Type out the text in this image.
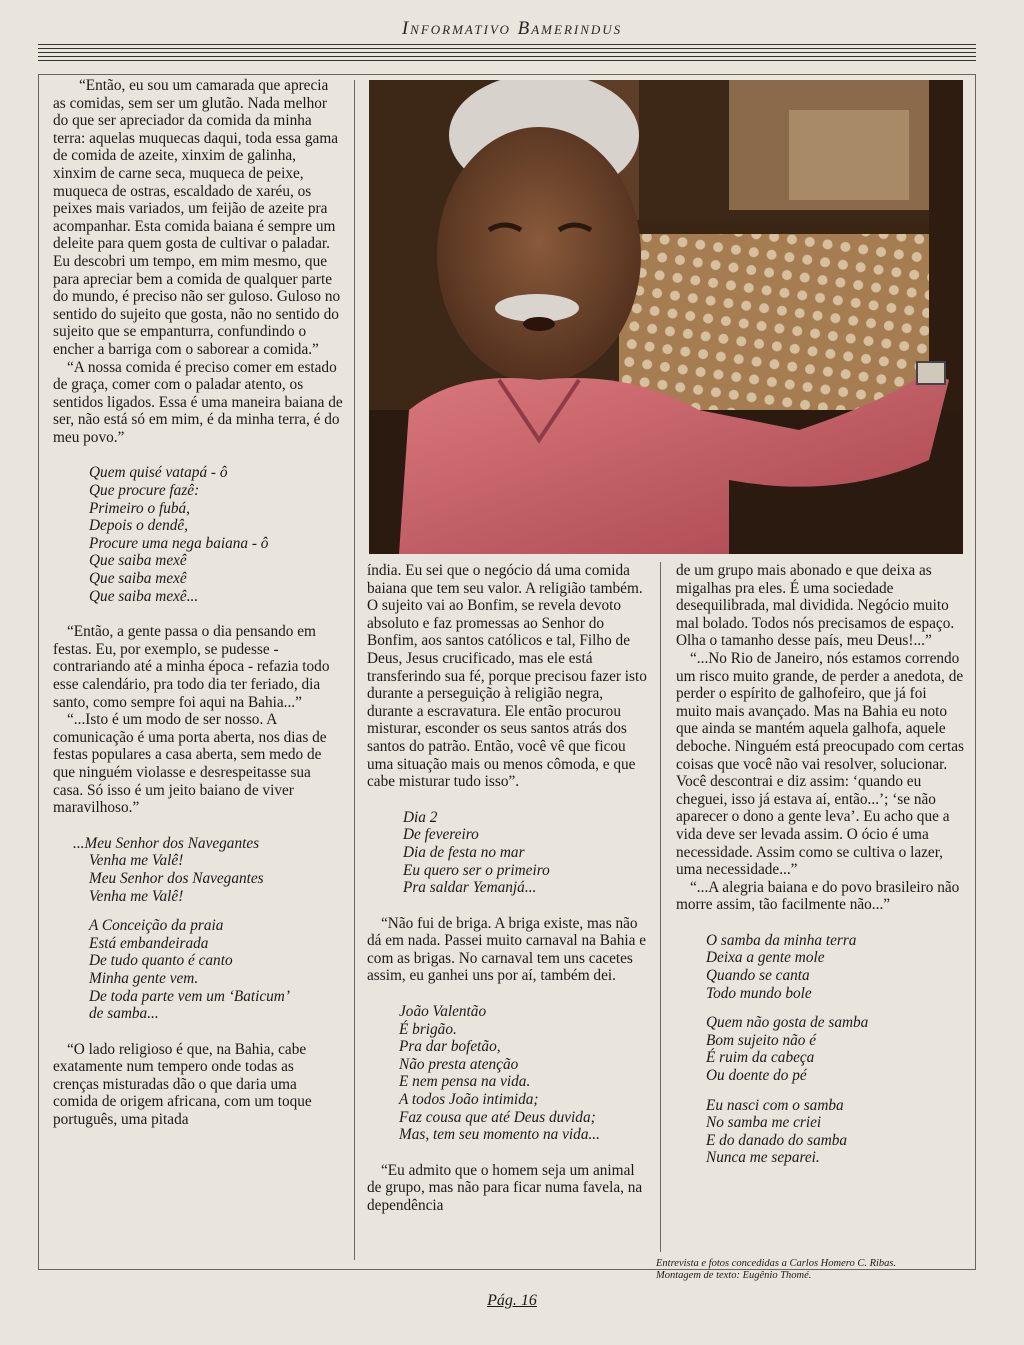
Informativo Bamerindus

“Então, eu sou um camarada que aprecia as comidas, sem ser um glutão. Nada melhor do que ser apreciador da comida da minha terra: aquelas muquecas daqui, toda essa gama de comida de azeite, xinxim de galinha, xinxim de carne seca, muqueca de peixe, muqueca de ostras, escaldado de xaréu, os peixes mais variados, um feijão de azeite pra acompanhar. Esta comida baiana é sempre um deleite para quem gosta de cultivar o paladar. Eu descobri um tempo, em mim mesmo, que para apreciar bem a comida de qualquer parte do mundo, é preciso não ser guloso. Guloso no sentido do sujeito que gosta, não no sentido do sujeito que se empanturra, confundindo o encher a barriga com o saborear a comida.”

“A nossa comida é preciso comer em estado de graça, comer com o paladar atento, os sentidos ligados. Essa é uma maneira baiana de ser, não está só em mim, é da minha terra, é do meu povo.”

Quem quisé vatapá - ô
Que procure fazê:
Primeiro o fubá,
Depois o dendê,
Procure uma nega baiana - ô
Que saiba mexê
Que saiba mexê
Que saiba mexê...

“Então, a gente passa o dia pensando em festas. Eu, por exemplo, se pudesse - contrariando até a minha época - refazia todo esse calendário, pra todo dia ter feriado, dia santo, como sempre foi aqui na Bahia...”

“...Isto é um modo de ser nosso. A comunicação é uma porta aberta, nos dias de festas populares a casa aberta, sem medo de que ninguém violasse e desrespeitasse sua casa. Só isso é um jeito baiano de viver maravilhoso.”

...Meu Senhor dos Navegantes
Venha me Valê!
Meu Senhor dos Navegantes
Venha me Valê!
A Conceição da praia
Está embandeirada
De tudo quanto é canto
Minha gente vem.
De toda parte vem um ‘Baticum’
de samba...

“O lado religioso é que, na Bahia, cabe exatamente num tempero onde todas as crenças misturadas dão o que daria uma comida de origem africana, com um toque português, uma pitada

índia. Eu sei que o negócio dá uma comida baiana que tem seu valor. A religião também. O sujeito vai ao Bonfim, se revela devoto absoluto e faz promessas ao Senhor do Bonfim, aos santos católicos e tal, Filho de Deus, Jesus crucificado, mas ele está transferindo sua fé, porque precisou fazer isto durante a perseguição à religião negra, durante a escravatura. Ele então procurou misturar, esconder os seus santos atrás dos santos do patrão. Então, você vê que ficou uma situação mais ou menos cômoda, e que cabe misturar tudo isso”.

Dia 2
De fevereiro
Dia de festa no mar
Eu quero ser o primeiro
Pra saldar Yemanjá...

“Não fui de briga. A briga existe, mas não dá em nada. Passei muito carnaval na Bahia e com as brigas. No carnaval tem uns cacetes assim, eu ganhei uns por aí, também dei.

João Valentão
É brigão.
Pra dar bofetão,
Não presta atenção
E nem pensa na vida.
A todos João intimida;
Faz cousa que até Deus duvida;
Mas, tem seu momento na vida...

“Eu admito que o homem seja um animal de grupo, mas não para ficar numa favela, na dependência

de um grupo mais abonado e que deixa as migalhas pra eles. É uma sociedade desequilibrada, mal dividida. Negócio muito mal bolado. Todos nós precisamos de espaço. Olha o tamanho desse país, meu Deus!...”

“...No Rio de Janeiro, nós estamos correndo um risco muito grande, de perder a anedota, de perder o espírito de galhofeiro, que já foi muito mais avançado. Mas na Bahia eu noto que ainda se mantém aquela galhofa, aquele deboche. Ninguém está preocupado com certas coisas que você não vai resolver, solucionar. Você descontrai e diz assim: ‘quando eu cheguei, isso já estava aí, então...’; ‘se não aparecer o dono a gente leva’. Eu acho que a vida deve ser levada assim. O ócio é uma necessidade. Assim como se cultiva o lazer, uma necessidade...”

“...A alegria baiana e do povo brasileiro não morre assim, tão facilmente não...”

O samba da minha terra
Deixa a gente mole
Quando se canta
Todo mundo bole
Quem não gosta de samba
Bom sujeito não é
É ruim da cabeça
Ou doente do pé
Eu nasci com o samba
No samba me criei
E do danado do samba
Nunca me separei.
Entrevista e fotos concedidas a Carlos Homero C. Ribas.
Montagem de texto: Eugênio Thomé.
Pág. 16
